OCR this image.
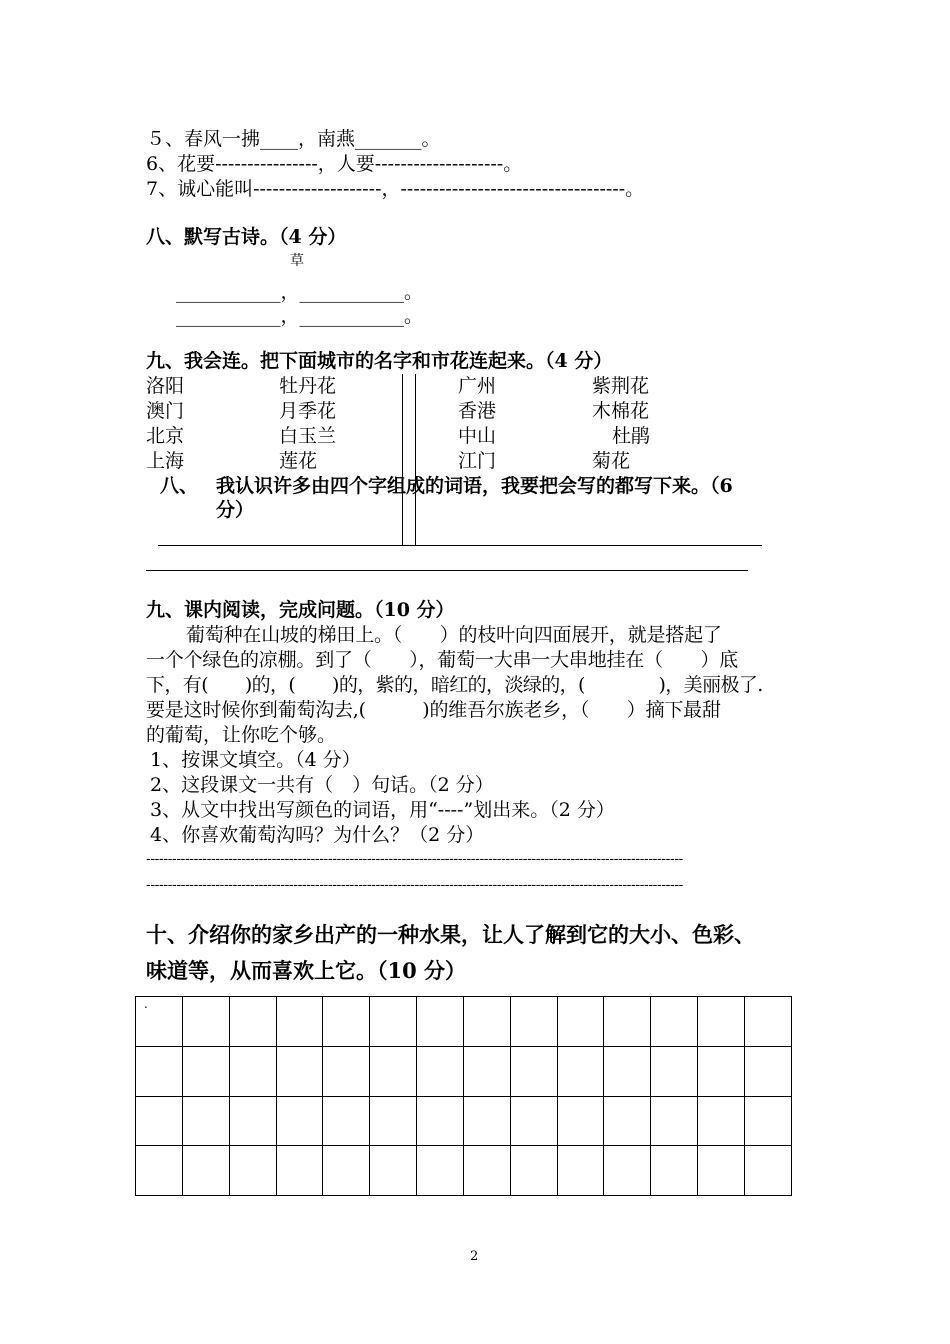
５、春风一拂____，南燕_______。
6、花要----------------，人要--------------------。
7、诚心能叫--------------------，-----------------------------------。
八、默写古诗。（4 分）
草
___________，___________。
___________，___________。
九、我会连。把下面城市的名字和市花连起来。（4 分）
洛阳	牡丹花	广州	紫荆花
澳门	月季花	香港	木棉花
北京	白玉兰	中山	杜鹃
上海	莲花	江门	菊花
八、 我认识许多由四个字组成的词语，我要把会写的都写下来。（6
分）
九、课内阅读，完成问题。（10 分）
葡萄种在山坡的梯田上。（　　）的枝叶向四面展开，就是搭起了
一个个绿色的凉棚。到了（　　），葡萄一大串一大串地挂在（　　）底
下，有(　　)的，(　　)的，紫的，暗红的，淡绿的，(　　　　)，美丽极了.
要是这时候你到葡萄沟去,(　　　)的维吾尔族老乡，（　　）摘下最甜
的葡萄，让你吃个够。
1、按课文填空。（4 分）
2、这段课文一共有（　）句话。（2 分）
3、从文中找出写颜色的词语，用“----”划出来。（2 分）
4、你喜欢葡萄沟吗？为什么？（2 分）
----------------------------------------------------------------------------------------------------------------------------
----------------------------------------------------------------------------------------------------------------------------
十、介绍你的家乡出产的一种水果，让人了解到它的大小、色彩、
味道等，从而喜欢上它。（10 分）
.													

2
